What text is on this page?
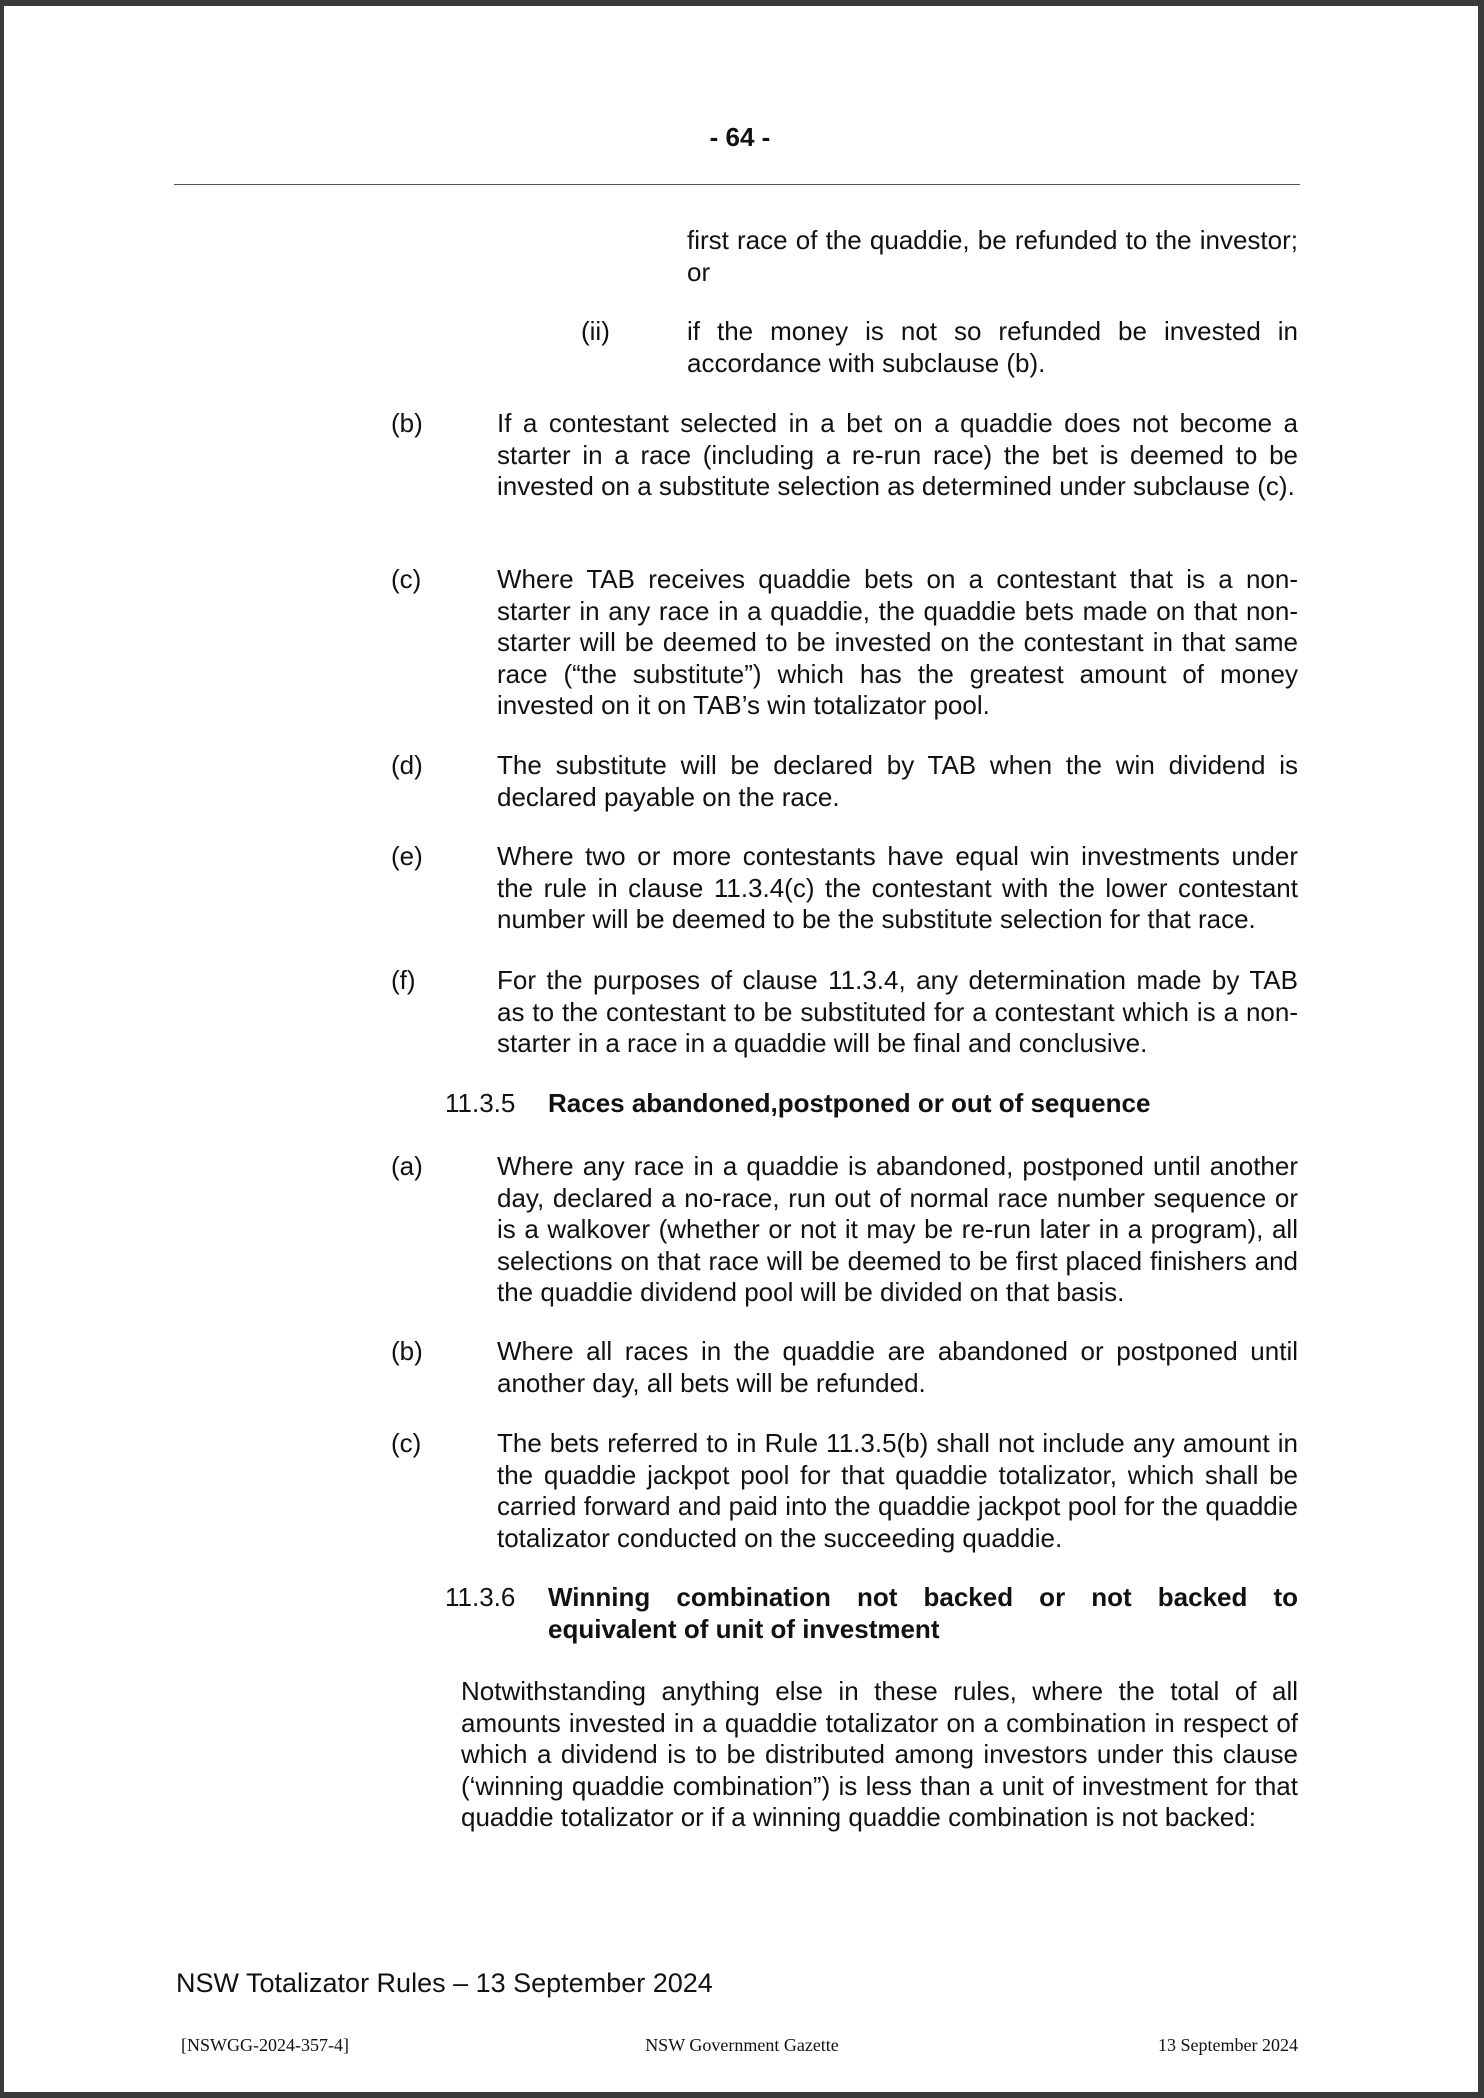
- 64 -

first race of the quaddie, be refunded to the investor; or

(ii)	if the money is not so refunded be invested in accordance with subclause (b).

(b)	If a contestant selected in a bet on a quaddie does not become a starter in a race (including a re-run race) the bet is deemed to be invested on a substitute selection as determined under subclause (c).

(c)	Where TAB receives quaddie bets on a contestant that is a non-starter in any race in a quaddie, the quaddie bets made on that non-starter will be deemed to be invested on the contestant in that same race (“the substitute”) which has the greatest amount of money invested on it on TAB’s win totalizator pool.

(d)	The substitute will be declared by TAB when the win dividend is declared payable on the race.

(e)	Where two or more contestants have equal win investments under the rule in clause 11.3.4(c) the contestant with the lower contestant number will be deemed to be the substitute selection for that race.

(f)	For the purposes of clause 11.3.4, any determination made by TAB as to the contestant to be substituted for a contestant which is a non-starter in a race in a quaddie will be final and conclusive.

11.3.5 Races abandoned,postponed or out of sequence
(a)	Where any race in a quaddie is abandoned, postponed until another day, declared a no-race, run out of normal race number sequence or is a walkover (whether or not it may be re-run later in a program), all selections on that race will be deemed to be first placed finishers and the quaddie dividend pool will be divided on that basis.

(b)	Where all races in the quaddie are abandoned or postponed until another day, all bets will be refunded.

(c)	The bets referred to in Rule 11.3.5(b) shall not include any amount in the quaddie jackpot pool for that quaddie totalizator, which shall be carried forward and paid into the quaddie jackpot pool for the quaddie totalizator conducted on the succeeding quaddie.

11.3.6 Winning combination not backed or not backed to equivalent of unit of investment

Notwithstanding anything else in these rules, where the total of all amounts invested in a quaddie totalizator on a combination in respect of which a dividend is to be distributed among investors under this clause (‘winning quaddie combination”) is less than a unit of investment for that quaddie totalizator or if a winning quaddie combination is not backed:

NSW Totalizator Rules – 13 September 2024
[NSWGG-2024-357-4]	NSW Government Gazette	13 September 2024
